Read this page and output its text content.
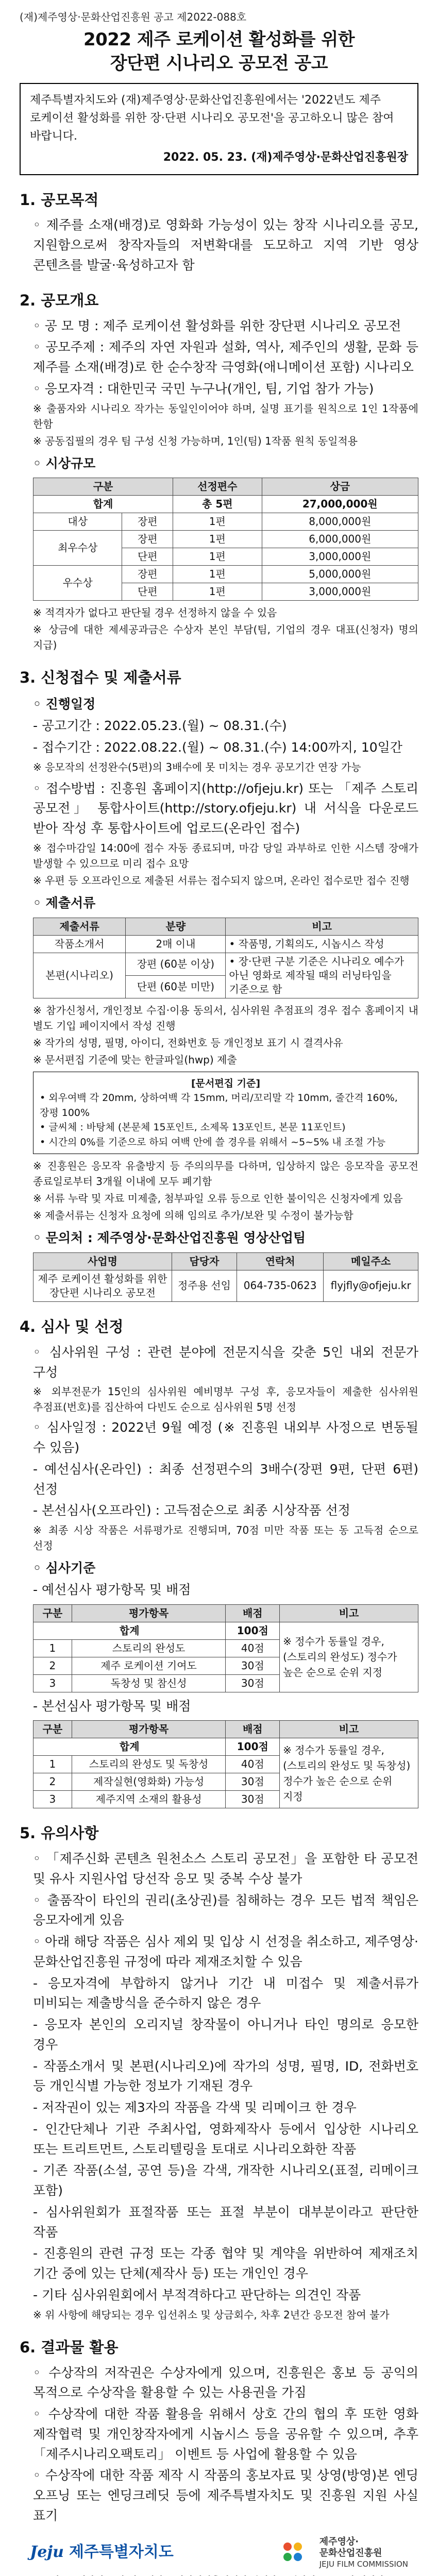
(재)제주영상·문화산업진흥원 공고 제2022-088호
2022 제주 로케이션 활성화를 위한
장단편 시나리오 공모전 공고
제주특별자치도와 (재)제주영상·문화산업진흥원에서는 '2022년도 제주 로케이션 활성화를 위한 장·단편 시나리오 공모전'을 공고하오니 많은 참여 바랍니다.
2022. 05. 23. (재)제주영상·문화산업진흥원장
1. 공모목적
◦ 제주를 소재(배경)로 영화화 가능성이 있는 창작 시나리오를 공모, 지원함으로써 창작자들의 저변확대를 도모하고 지역 기반 영상 콘텐츠를 발굴·육성하고자 함
2. 공모개요
◦ 공 모 명 : 제주 로케이션 활성화를 위한 장단편 시나리오 공모전
◦ 공모주제 : 제주의 자연 자원과 설화, 역사, 제주인의 생활, 문화 등 제주를 소재(배경)로 한 순수창작 극영화(애니메이션 포함) 시나리오
◦ 응모자격 : 대한민국 국민 누구나(개인, 팀, 기업 참가 가능)
※ 출품자와 시나리오 작가는 동일인이어야 하며, 실명 표기를 원칙으로 1인 1작품에 한함
※ 공동집필의 경우 팀 구성 신청 가능하며, 1인(팀) 1작품 원칙 동일적용
◦ 시상규모
구분		선정편수	상금
합계		총 5편	27,000,000원
대상	장편	1편	8,000,000원
최우수상	장편	1편	6,000,000원
	단편	1편	3,000,000원
우수상	장편	1편	5,000,000원
	단편	1편	3,000,000원
※ 적격자가 없다고 판단될 경우 선정하지 않을 수 있음
※ 상금에 대한 제세공과금은 수상자 본인 부담(팀, 기업의 경우 대표(신청자) 명의 지급)
3. 신청접수 및 제출서류
◦ 진행일정
- 공고기간 : 2022.05.23.(월) ~ 08.31.(수)
- 접수기간 : 2022.08.22.(월) ~ 08.31.(수) 14:00까지, 10일간
※ 응모작의 선정완수(5편)의 3배수에 못 미치는 경우 공모기간 연장 가능
◦ 접수방법 : 진흥원 홈페이지(http://ofjeju.kr) 또는 「제주 스토리 공모전」 통합사이트(http://story.ofjeju.kr) 내 서식을 다운로드 받아 작성 후 통합사이트에 업로드(온라인 접수)
※ 접수마감일 14:00에 접수 자동 종료되며, 마감 당일 과부하로 인한 시스템 장애가 발생할 수 있으므로 미리 접수 요망
※ 우편 등 오프라인으로 제출된 서류는 접수되지 않으며, 온라인 접수로만 접수 진행
◦ 제출서류
제출서류	분량	비고
작품소개서	2매 이내	• 작품명, 기획의도, 시놉시스 작성
본편(시나리오)	장편 (60분 이상)	• 장·단편 구분 기준은 시나리오 예수가 아닌 영화로 제작될 때의 러닝타임을 기준으로 함
	단편 (60분 미만)	
※ 참가신청서, 개인정보 수집·이용 동의서, 심사위원 추점표의 경우 접수 홈페이지 내 별도 기입 페이지에서 작성 진행
※ 작가의 성명, 필명, 아이디, 전화번호 등 개인정보 표기 시 결격사유
※ 문서편집 기준에 맞는 한글파일(hwp) 제출
[문서편집 기준]
• 외우여백 각 20mm, 상하여백 각 15mm, 머리/꼬리말 각 10mm, 줄간격 160%, 장평 100%
• 글씨체 : 바탕체 (본문체 15포인트, 소제목 13포인트, 본문 11포인트)
• 시간의 0%를 기준으로 하되 여백 안에 쓸 경우를 위해서 ~5~5% 내 조절 가능
※ 진흥원은 응모작 유출방지 등 주의의무를 다하며, 입상하지 않은 응모작을 공모전 종료일로부터 3개월 이내에 모두 폐기함
※ 서류 누락 및 자료 미제출, 첨부파일 오류 등으로 인한 불이익은 신청자에게 있음
※ 제출서류는 신청자 요청에 의해 임의로 추가/보완 및 수정이 불가능함
◦ 문의처 : 제주영상·문화산업진흥원 영상산업팀
사업명	담당자	연락처	메일주소
제주 로케이션 활성화를 위한 장단편 시나리오 공모전	정주용 선임	064-735-0623	flyjfly@ofjeju.kr
4. 심사 및 선정
◦ 심사위원 구성 : 관련 분야에 전문지식을 갖춘 5인 내외 전문가 구성
※ 외부전문가 15인의 심사위원 예비명부 구성 후, 응모자들이 제출한 심사위원 추점표(번호)를 집산하여 다빈도 순으로 심사위원 5명 선정
◦ 심사일정 : 2022년 9월 예정 (※ 진흥원 내외부 사정으로 변동될 수 있음)
- 예선심사(온라인) : 최종 선정편수의 3배수(장편 9편, 단편 6편) 선정
- 본선심사(오프라인) : 고득점순으로 최종 시상작품 선정
※ 최종 시상 작품은 서류평가로 진행되며, 70점 미만 작품 또는 동 고득점 순으로 선정
◦ 심사기준
- 예선심사 평가항목 및 배점
구분	평가항목	배점	비고
합계		100점	※ 정수가 동률일 경우, (스토리의 완성도) 정수가 높은 순으로 순위 지정
1	스토리의 완성도	40점	
2	제주 로케이션 기여도	30점	
3	독창성 및 참신성	30점	
- 본선심사 평가항목 및 배점
구분	평가항목	배점	비고
합계		100점	※ 정수가 동률일 경우, (스토리의 완성도 및 독창성) 정수가 높은 순으로 순위 지정
1	스토리의 완성도 및 독창성	40점	
2	제작실현(영화화) 가능성	30점	
3	제주지역 소재의 활용성	30점	
5. 유의사항
◦ 「제주신화 콘텐츠 원천소스 스토리 공모전」을 포함한 타 공모전 및 유사 지원사업 당선작 응모 및 중복 수상 불가
◦ 출품작이 타인의 권리(초상권)를 침해하는 경우 모든 법적 책임은 응모자에게 있음
◦ 아래 해당 작품은 심사 제외 및 입상 시 선정을 취소하고, 제주영상·문화산업진흥원 규정에 따라 제재조치할 수 있음
- 응모자격에 부합하지 않거나 기간 내 미접수 및 제출서류가 미비되는 제출방식을 준수하지 않은 경우
- 응모자 본인의 오리지널 창작물이 아니거나 타인 명의로 응모한 경우
- 작품소개서 및 본편(시나리오)에 작가의 성명, 필명, ID, 전화번호 등 개인식별 가능한 정보가 기재된 경우
- 저작권이 있는 제3자의 작품을 각색 및 리메이크 한 경우
- 인간단체나 기관 주최사업, 영화제작사 등에서 입상한 시나리오 또는 트리트먼트, 스토리텔링을 토대로 시나리오화한 작품
- 기존 작품(소설, 공연 등)을 각색, 개작한 시나리오(표절, 리메이크 포함)
- 심사위원회가 표절작품 또는 표절 부분이 대부분이라고 판단한 작품
- 진흥원의 관련 규정 또는 각종 협약 및 계약을 위반하여 제재조치 기간 중에 있는 단체(제작사 등) 또는 개인인 경우
- 기타 심사위원회에서 부적격하다고 판단하는 의견인 작품
※ 위 사항에 해당되는 경우 입선취소 및 상금회수, 차후 2년간 응모전 참여 불가
6. 결과물 활용
◦ 수상작의 저작권은 수상자에게 있으며, 진흥원은 홍보 등 공익의 목적으로 수상작을 활용할 수 있는 사용권을 가짐
◦ 수상작에 대한 작품 활용을 위해서 상호 간의 협의 후 또한 영화 제작협력 및 개인창작자에게 시놉시스 등을 공유할 수 있으며, 추후 「제주시나리오팩토리」 이벤트 등 사업에 활용할 수 있음
◦ 수상작에 대한 작품 제작 시 작품의 홍보자료 및 상영(방영)본 엔딩 오프닝 또는 엔딩크레딧 등에 제주특별자치도 및 진흥원 지원 사실 표기
Jeju 제주특별자치도
제주영상·
문화산업진흥원
JEJU FILM COMMISSION
